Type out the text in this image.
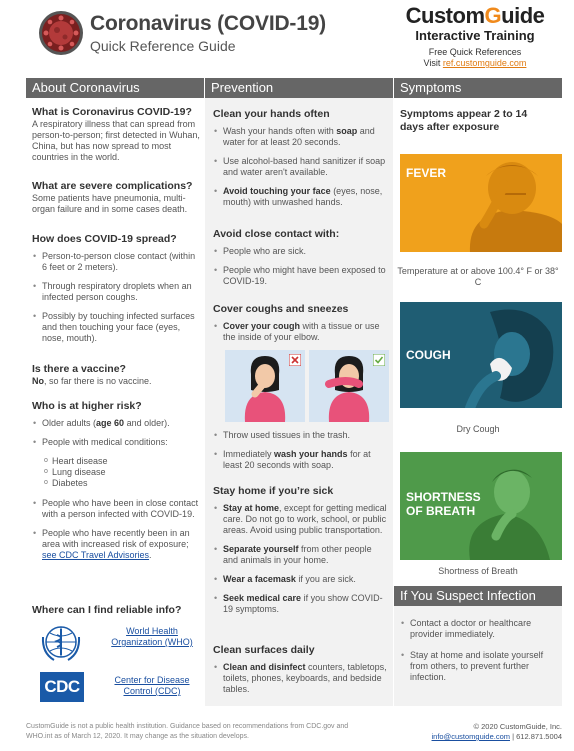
Coronavirus (COVID-19)
Quick Reference Guide
CustomGuide
Interactive Training
Free Quick References
Visit ref.customguide.com
About Coronavirus
What is Coronavirus COVID-19?
A respiratory illness that can spread from person-to-person; first detected in Wuhan, China, but has now spread to most countries in the world.
What are severe complications?
Some patients have pneumonia, multi-organ failure and in some cases death.
How does COVID-19 spread?
• Person-to-person close contact (within 6 feet or 2 meters).
• Through respiratory droplets when an infected person coughs.
• Possibly by touching infected surfaces and then touching your face (eyes, nose, mouth).
Is there a vaccine?
No, so far there is no vaccine.
Who is at higher risk?
• Older adults (age 60 and older).
• People with medical conditions:
o Heart disease
o Lung disease
o Diabetes
• People who have been in close contact with a person infected with COVID-19.
• People who have recently been in an area with increased risk of exposure; see CDC Travel Advisories.
Where can I find reliable info?
World Health Organization (WHO)
CDC	Center for Disease Control (CDC)
Prevention
Clean your hands often
• Wash your hands often with soap and water for at least 20 seconds.
• Use alcohol-based hand sanitizer if soap and water aren't available.
• Avoid touching your face (eyes, nose, mouth) with unwashed hands.
Avoid close contact with:
• People who are sick.
• People who might have been exposed to COVID-19.
Cover coughs and sneezes
• Cover your cough with a tissue or use the inside of your elbow.
• Throw used tissues in the trash.
• Immediately wash your hands for at least 20 seconds with soap.
Stay home if you’re sick
• Stay at home, except for getting medical care. Do not go to work, school, or public areas. Avoid using public transportation.
• Separate yourself from other people and animals in your home.
• Wear a facemask if you are sick.
• Seek medical care if you show COVID-19 symptoms.
Clean surfaces daily
• Clean and disinfect counters, tabletops, toilets, phones, keyboards, and bedside tables.
Symptoms
Symptoms appear 2 to 14 days after exposure
FEVER
Temperature at or above 100.4° F or 38° C
COUGH
Dry Cough
SHORTNESS
OF BREATH
Shortness of Breath
If You Suspect Infection
• Contact a doctor or healthcare provider immediately.
• Stay at home and isolate yourself from others, to prevent further infection.
CustomGuide is not a public health institution. Guidance based on recommendations from CDC.gov and WHO.int as of March 12, 2020. It may change as the situation develops.
© 2020 CustomGuide, Inc.
info@customguide.com | 612.871.5004
